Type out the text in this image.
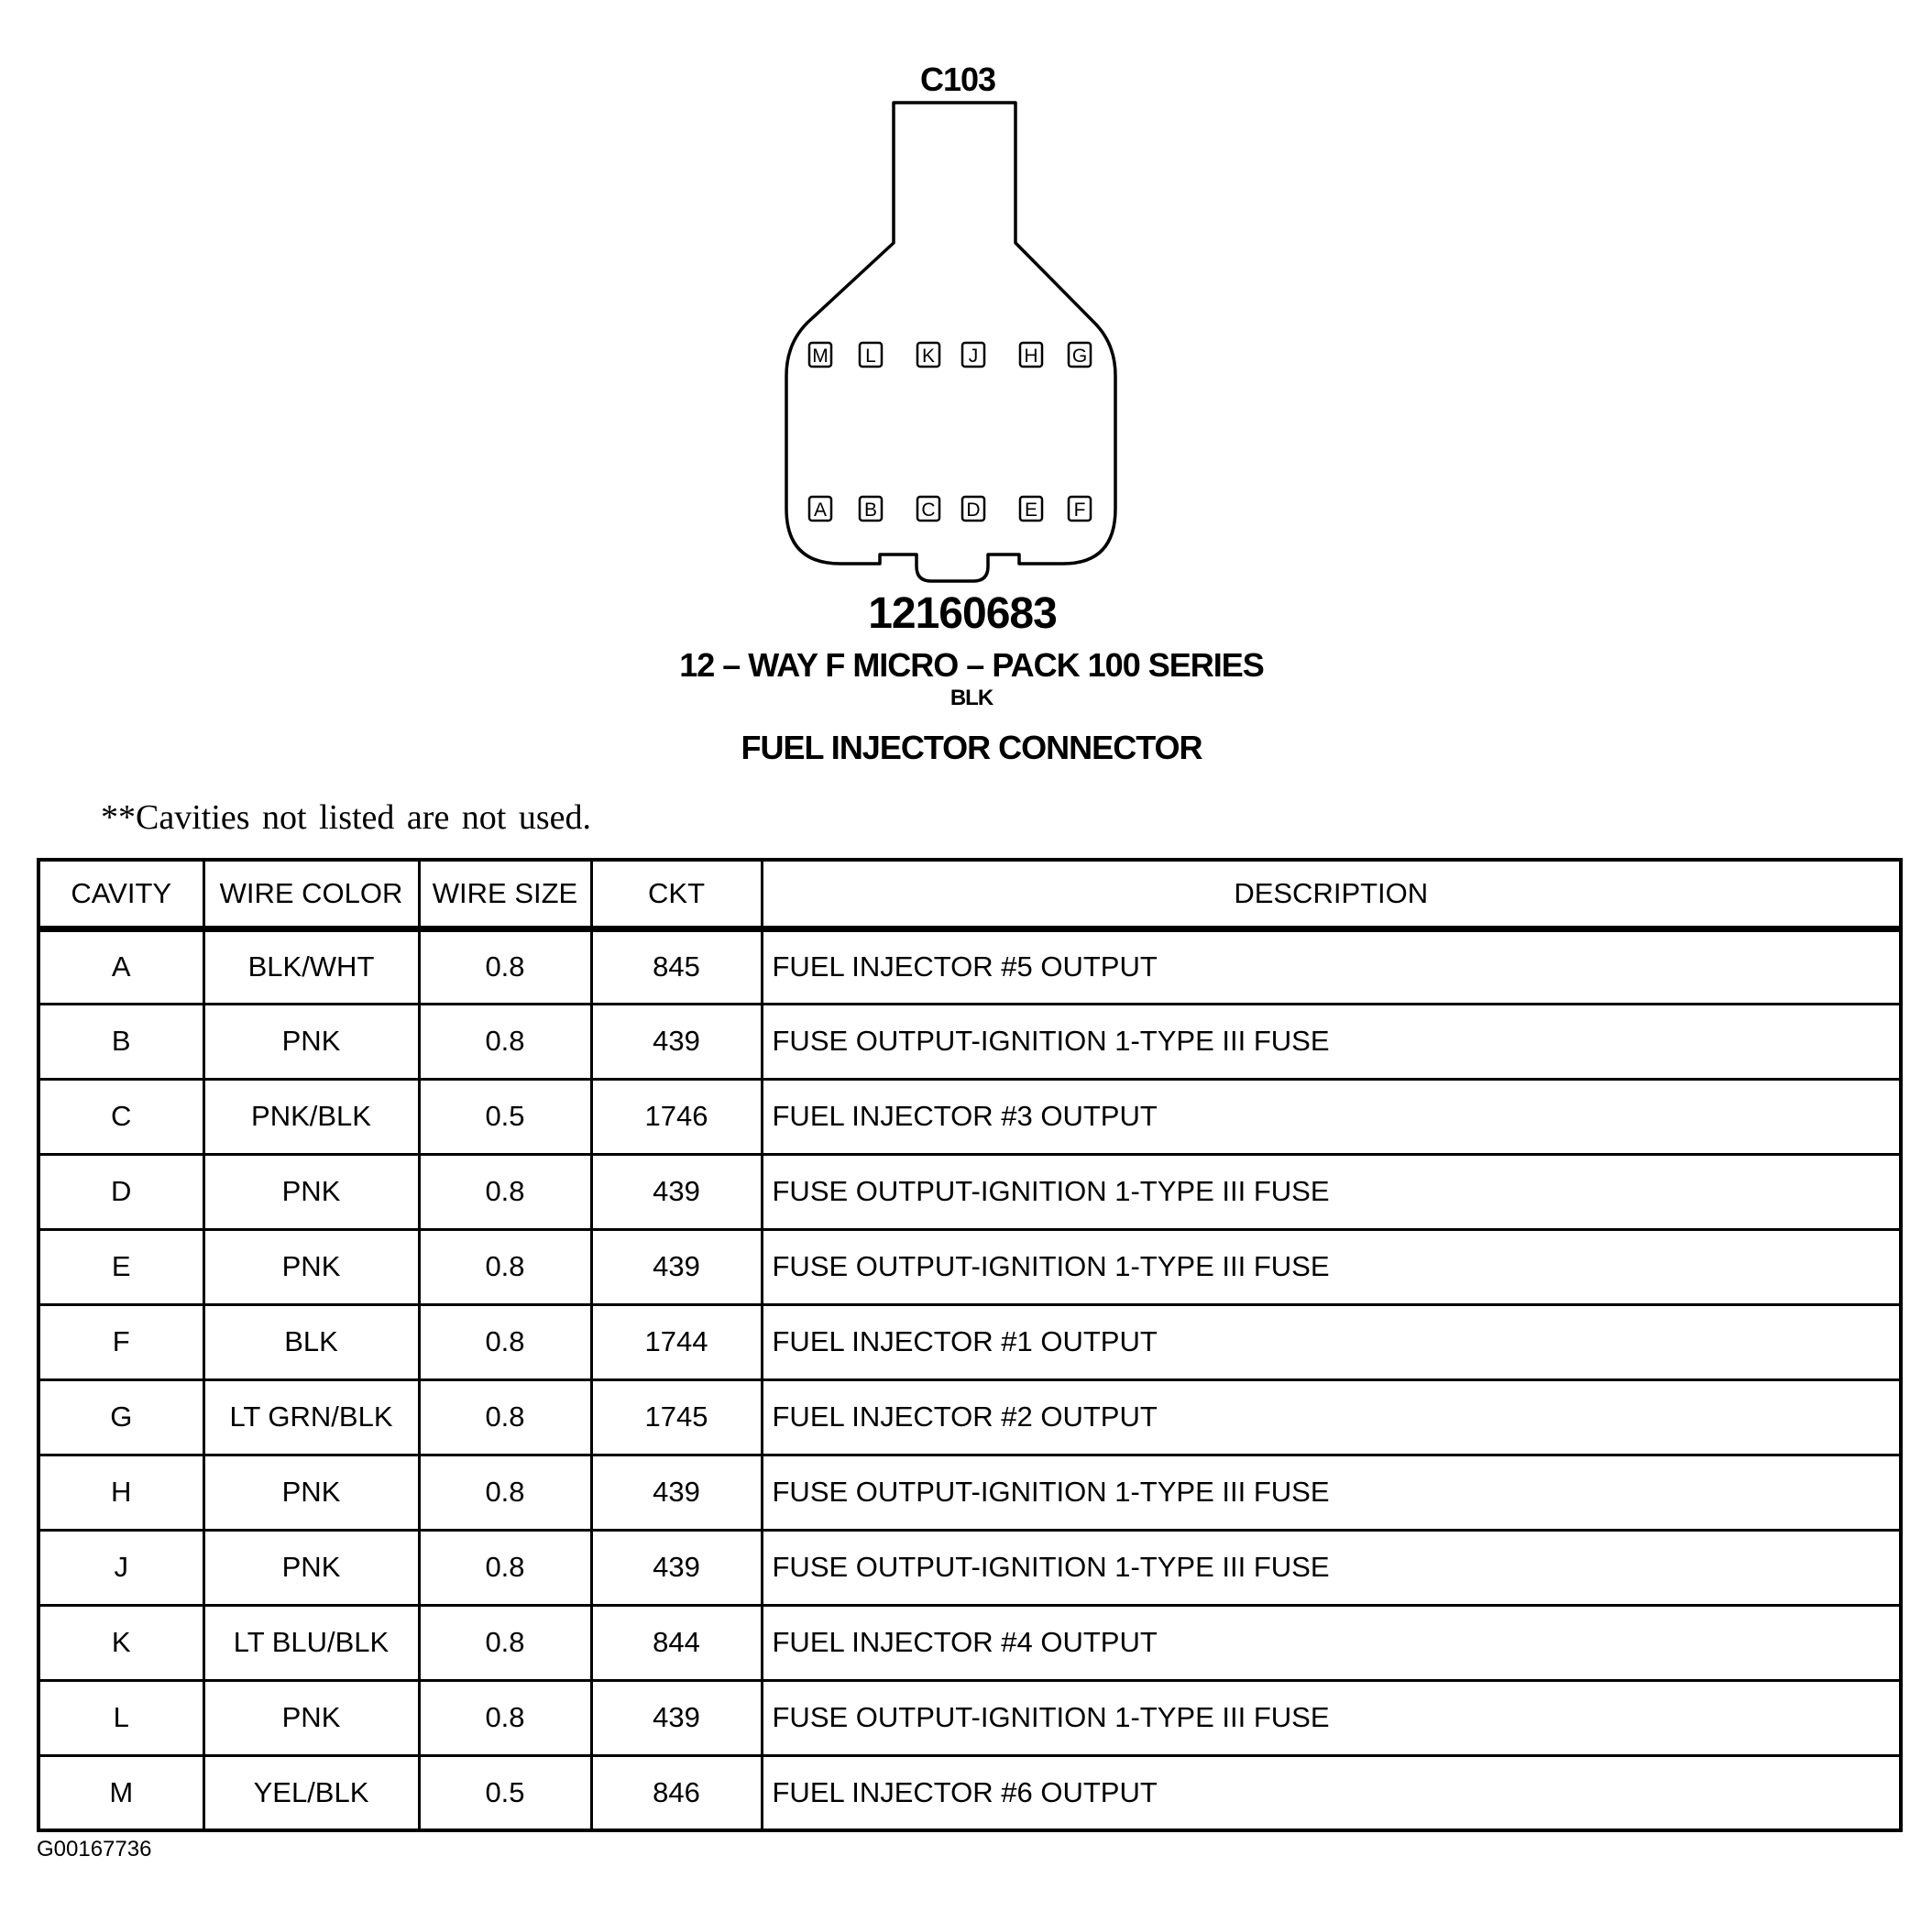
M L K J H G
A B C D E F
C103
12160683
12 – WAY F MICRO – PACK 100 SERIES
BLK
FUEL INJECTOR CONNECTOR
**Cavities not listed are not used.
CAVITY	WIRE COLOR	WIRE SIZE	CKT	DESCRIPTION
A	BLK/WHT	0.8	845	FUEL INJECTOR #5 OUTPUT
B	PNK	0.8	439	FUSE OUTPUT-IGNITION 1-TYPE III FUSE
C	PNK/BLK	0.5	1746	FUEL INJECTOR #3 OUTPUT
D	PNK	0.8	439	FUSE OUTPUT-IGNITION 1-TYPE III FUSE
E	PNK	0.8	439	FUSE OUTPUT-IGNITION 1-TYPE III FUSE
F	BLK	0.8	1744	FUEL INJECTOR #1 OUTPUT
G	LT GRN/BLK	0.8	1745	FUEL INJECTOR #2 OUTPUT
H	PNK	0.8	439	FUSE OUTPUT-IGNITION 1-TYPE III FUSE
J	PNK	0.8	439	FUSE OUTPUT-IGNITION 1-TYPE III FUSE
K	LT BLU/BLK	0.8	844	FUEL INJECTOR #4 OUTPUT
L	PNK	0.8	439	FUSE OUTPUT-IGNITION 1-TYPE III FUSE
M	YEL/BLK	0.5	846	FUEL INJECTOR #6 OUTPUT
G00167736
